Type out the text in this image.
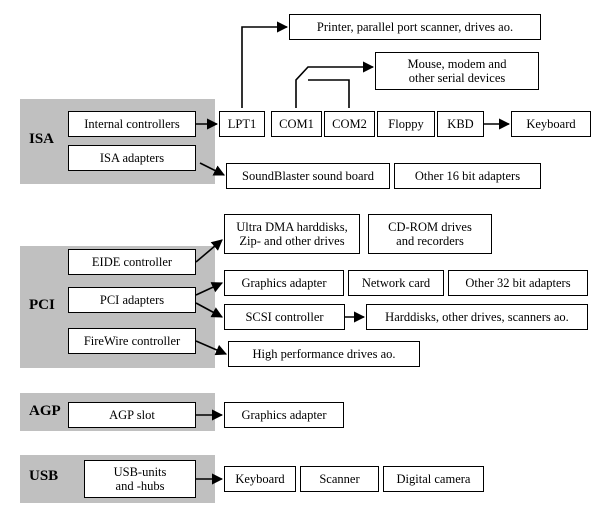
ISA
PCI
AGP
USB
Internal controllers
ISA adapters
LPT1	COM1	COM2	Floppy	KBD	Keyboard
Printer, parallel port scanner, drives ao.
Mouse, modem and
other serial devices
SoundBlaster sound board	Other 16 bit adapters
EIDE controller
PCI adapters
FireWire controller
Ultra DMA harddisks,
Zip- and other drives
CD-ROM drives
and recorders
Graphics adapter	Network card	Other 32 bit adapters
SCSI controller	Harddisks, other drives, scanners ao.
High performance drives ao.
AGP slot	Graphics adapter
USB-units
and -hubs	Keyboard	Scanner	Digital camera
